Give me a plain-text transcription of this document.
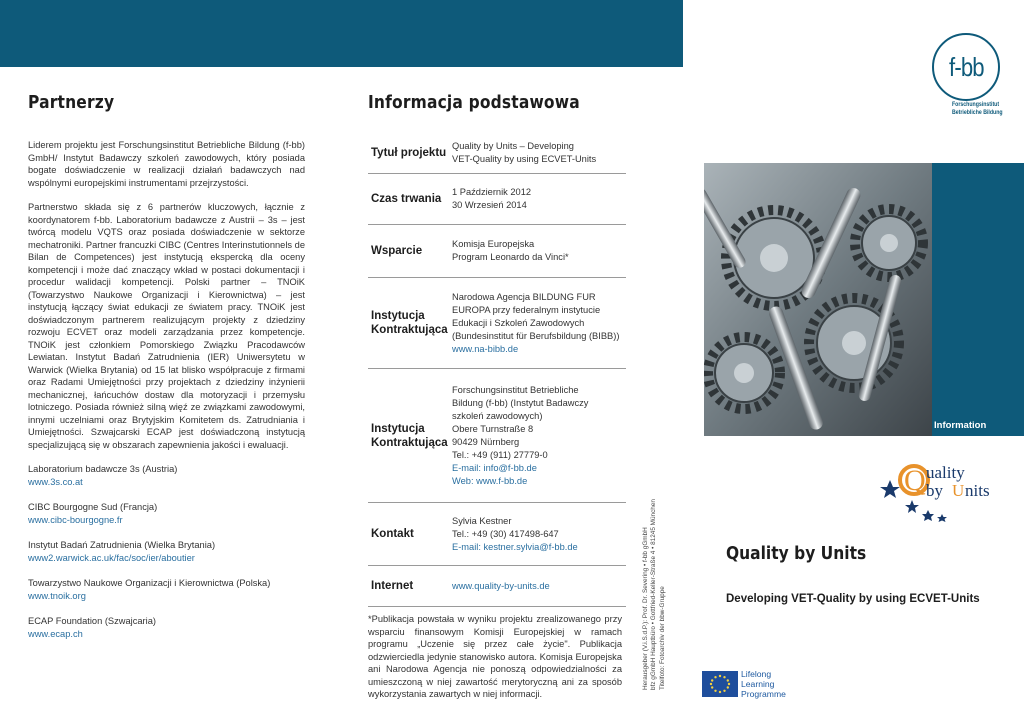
Partnerzy

Liderem projektu jest Forschungsinstitut Betriebliche Bildung (f-bb) GmbH/ Instytut Badawczy szkoleń zawodowych, który posiada bogate doświadczenie w realizacji działań badawczych nad wspólnymi europejskimi instrumentami przejrzystości.

Partnerstwo składa się z 6 partnerów kluczowych, łącznie z koordynatorem f-bb. Laboratorium badawcze z Austrii – 3s – jest twórcą modelu VQTS oraz posiada doświadczenie w sektorze mechatroniki. Partner francuzki CIBC (Centres Interinstutionnels de Bilan de Competences) jest instytucją ekspercką dla oceny kompetencji i może dać znaczący wkład w postaci dokumentacji i procedur walidacji kompetencji. Polski partner – TNOiK (Towarzystwo Naukowe Organizacji i Kierownictwa) – jest instytucją łączący świat edukacji ze światem pracy. TNOiK jest doświadczonym partnerem realizującym projekty z dziedziny rozwoju ECVET oraz modeli zarządzania przez kompetencje. TNOiK jest członkiem Pomorskiego Związku Pracodawców Lewiatan. Instytut Badań Zatrudnienia (IER) Uniwersytetu w Warwick (Wielka Brytania) od 15 lat blisko współpracuje z firmami oraz Radami Umiejętności przy projektach z dziedziny inżynierii mechanicznej, łańcuchów dostaw dla motoryzacji i przemysłu lotniczego. Posiada również silną więź ze związkami zawodowymi, innymi uczelniami oraz Brytyjskim Komitetem ds. Zatrudniania i Umiejętności. Szwajcarski ECAP jest doświadczoną instytucją specjalizującą się w obszarach zapewnienia jakości i ewaluacji.

Laboratorium badawcze 3s (Austria)
www.3s.co.at
CIBC Bourgogne Sud (Francja)
www.cibc-bourgogne.fr
Instytut Badań Zatrudnienia (Wielka Brytania)
www2.warwick.ac.uk/fac/soc/ier/aboutier
Towarzystwo Naukowe Organizacji i Kierownictwa (Polska)
www.tnoik.org
ECAP Foundation (Szwajcaria)
www.ecap.ch
Informacja podstawowa
Tytuł projektu
Quality by Units – Developing
VET-Quality by using ECVET-Units
Czas trwania
1 Październik 2012
30 Wrzesień 2014
Wsparcie
Komisja Europejska
Program Leonardo da Vinci*
Instytucja Kontraktująca
Narodowa Agencja BILDUNG FUR
EUROPA przy federalnym instytucie
Edukacji i Szkoleń Zawodowych
(Bundesinstitut für Berufsbildung (BIBB))
www.na-bibb.de
Instytucja Kontraktująca
Forschungsinstitut Betriebliche
Bildung (f-bb) (Instytut Badawczy
szkoleń zawodowych)
Obere Turnstraße 8
90429 Nürnberg
Tel.: +49 (911) 27779-0
E-mail: info@f-bb.de
Web: www.f-bb.de
Kontakt
Sylvia Kestner
Tel.: +49 (30) 417498-647
E-mail: kestner.sylvia@f-bb.de
Internet	www.quality-by-units.de

*Publikacja powstała w wyniku projektu zrealizowanego przy wsparciu finansowym Komisji Europejskiej w ramach programu „Uczenie się przez całe życie". Publikacja odzwierciedla jedynie stanowisko autora. Komisja Europejska ani Narodowa Agencja nie ponoszą odpowiedzialności za umieszczoną w niej zawartość merytoryczną ani za sposób wykorzystania zawartych w niej informacji.

f-bb
Forschungsinstitut
Betriebliche Bildung
Information
Herausgeber (V.i.S.d.P.): Prof. Dr. Severing • f-bb gGmbH bfz gGmbH Hauptbüro • Gottfried-Keller-Straße 4 • 81245 München Titelfoto: Fotoarchiv der bbw-Gruppe
Q uality
by U nits
Quality by Units
Developing VET-Quality by using ECVET-Units
Lifelong
Learning
Programme
